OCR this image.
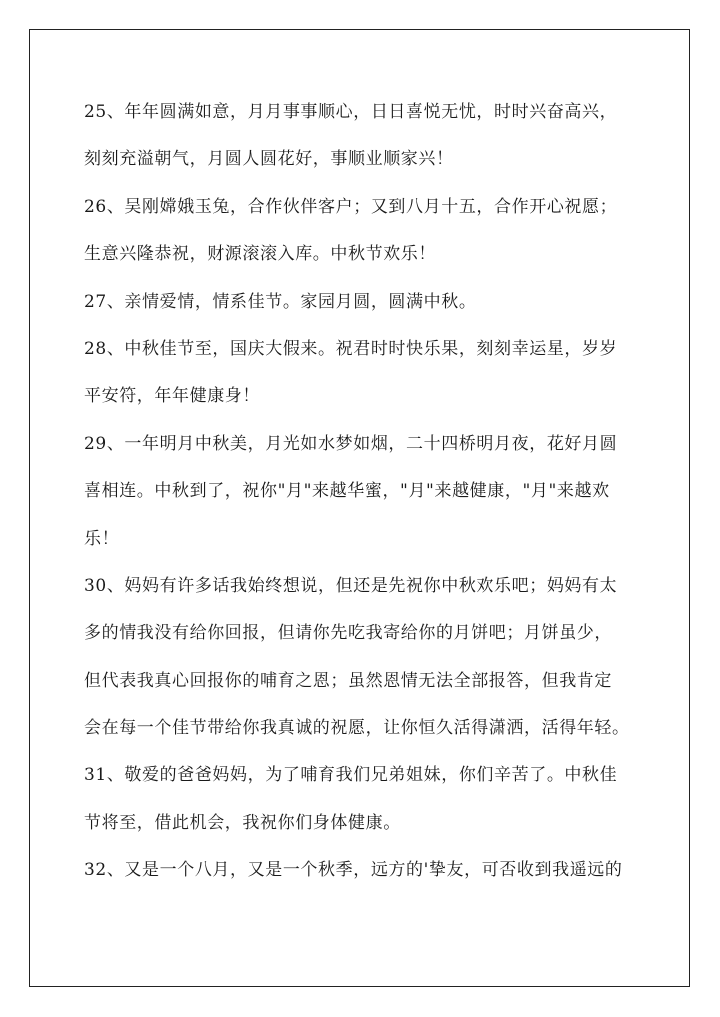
25、年年圆满如意，月月事事顺心，日日喜悦无忧，时时兴奋高兴，
刻刻充溢朝气，月圆人圆花好，事顺业顺家兴！
26、吴刚嫦娥玉兔，合作伙伴客户；又到八月十五，合作开心祝愿；
生意兴隆恭祝，财源滚滚入库。中秋节欢乐！
27、亲情爱情，情系佳节。家园月圆，圆满中秋。
28、中秋佳节至，国庆大假来。祝君时时快乐果，刻刻幸运星，岁岁
平安符，年年健康身！
29、一年明月中秋美，月光如水梦如烟，二十四桥明月夜，花好月圆
喜相连。中秋到了，祝你"月"来越华蜜，"月"来越健康，"月"来越欢
乐！
30、妈妈有许多话我始终想说，但还是先祝你中秋欢乐吧；妈妈有太
多的情我没有给你回报，但请你先吃我寄给你的月饼吧；月饼虽少，
但代表我真心回报你的哺育之恩；虽然恩情无法全部报答，但我肯定
会在每一个佳节带给你我真诚的祝愿，让你恒久活得潇洒，活得年轻。
31、敬爱的爸爸妈妈，为了哺育我们兄弟姐妹，你们辛苦了。中秋佳
节将至，借此机会，我祝你们身体健康。
32、又是一个八月，又是一个秋季，远方的'挚友，可否收到我遥远的
